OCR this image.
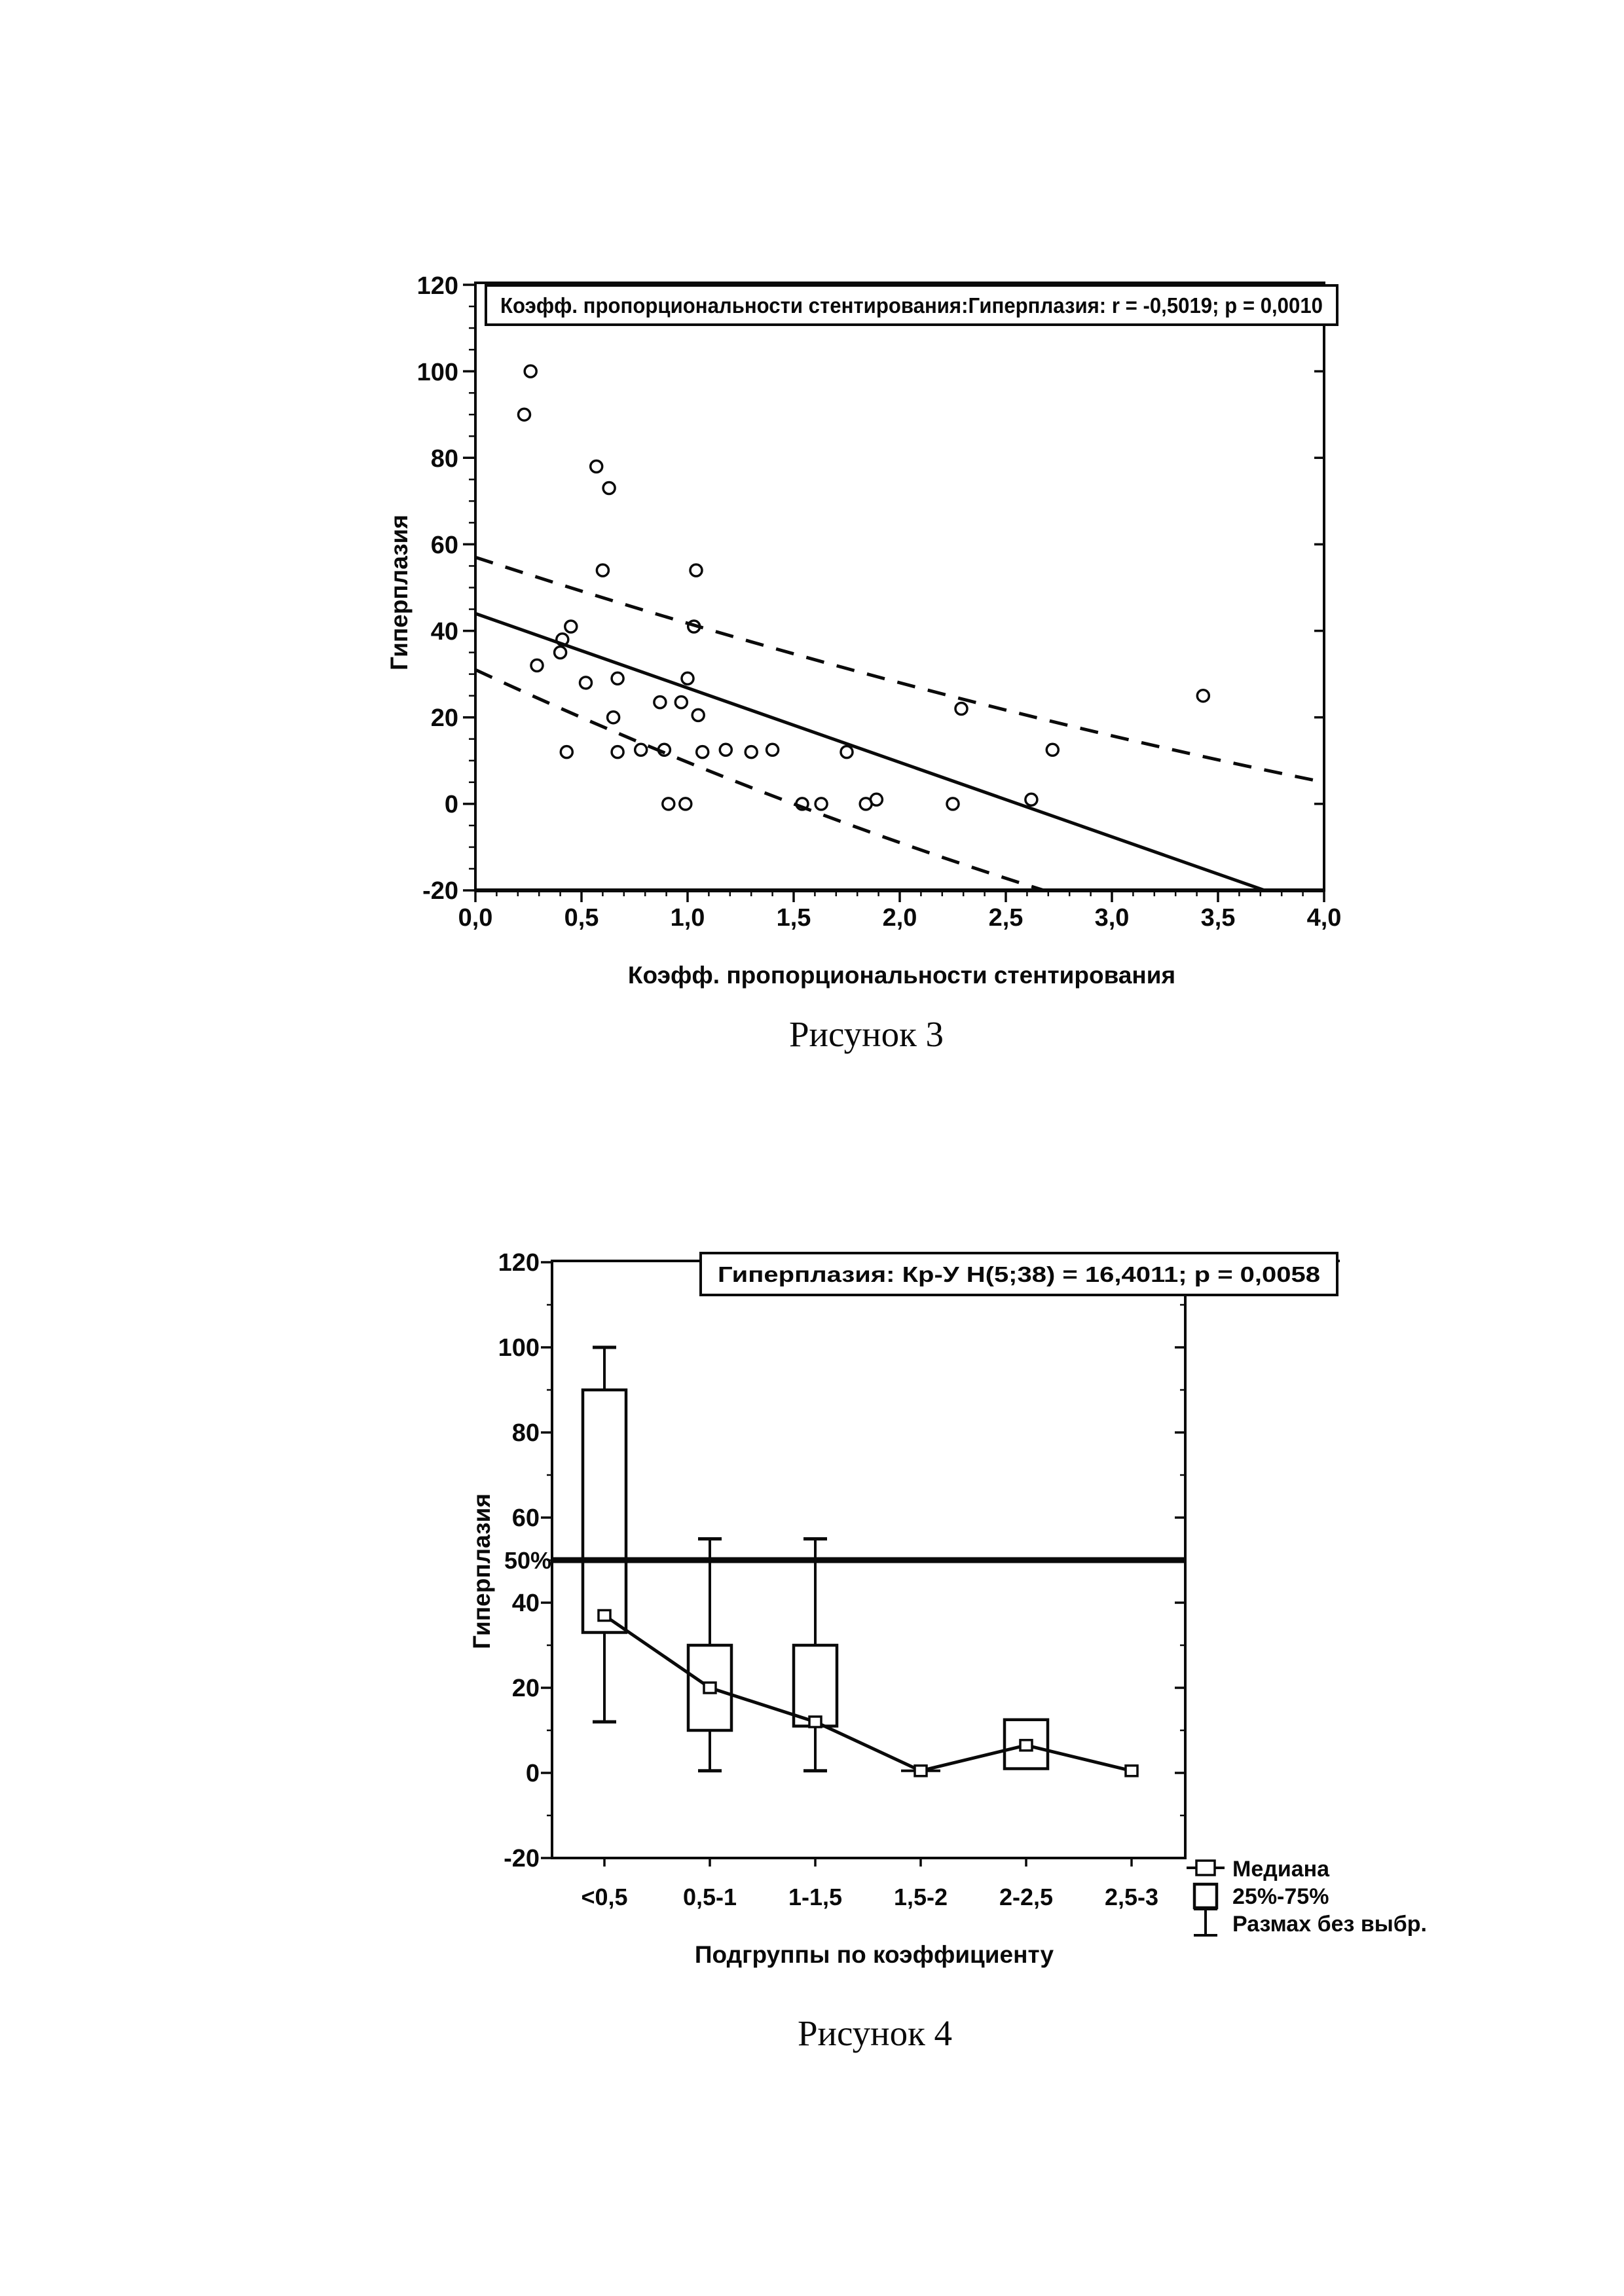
Коэфф. пропорциональности стентирования:Гиперплазия: r = -0,5019; p = 0,0010
120
100
80
60
40
20
0
-20
0,0	0,5	1,0	1,5	2,0	2,5	3,0	3,5	4,0
Гиперплазия
Коэфф. пропорциональности стентирования
Рисунок 3
Гиперплазия: Кр-У Н(5;38) = 16,4011; p = 0,0058
120
100
80
60
40
20
0
-20
50%
<0,5 0,5-1 1-1,5 1,5-2 2-2,5 2,5-3
Гиперплазия
Подгруппы по коэффициенту
Медиана
25%-75%
Размах без выбр.
Рисунок 4
